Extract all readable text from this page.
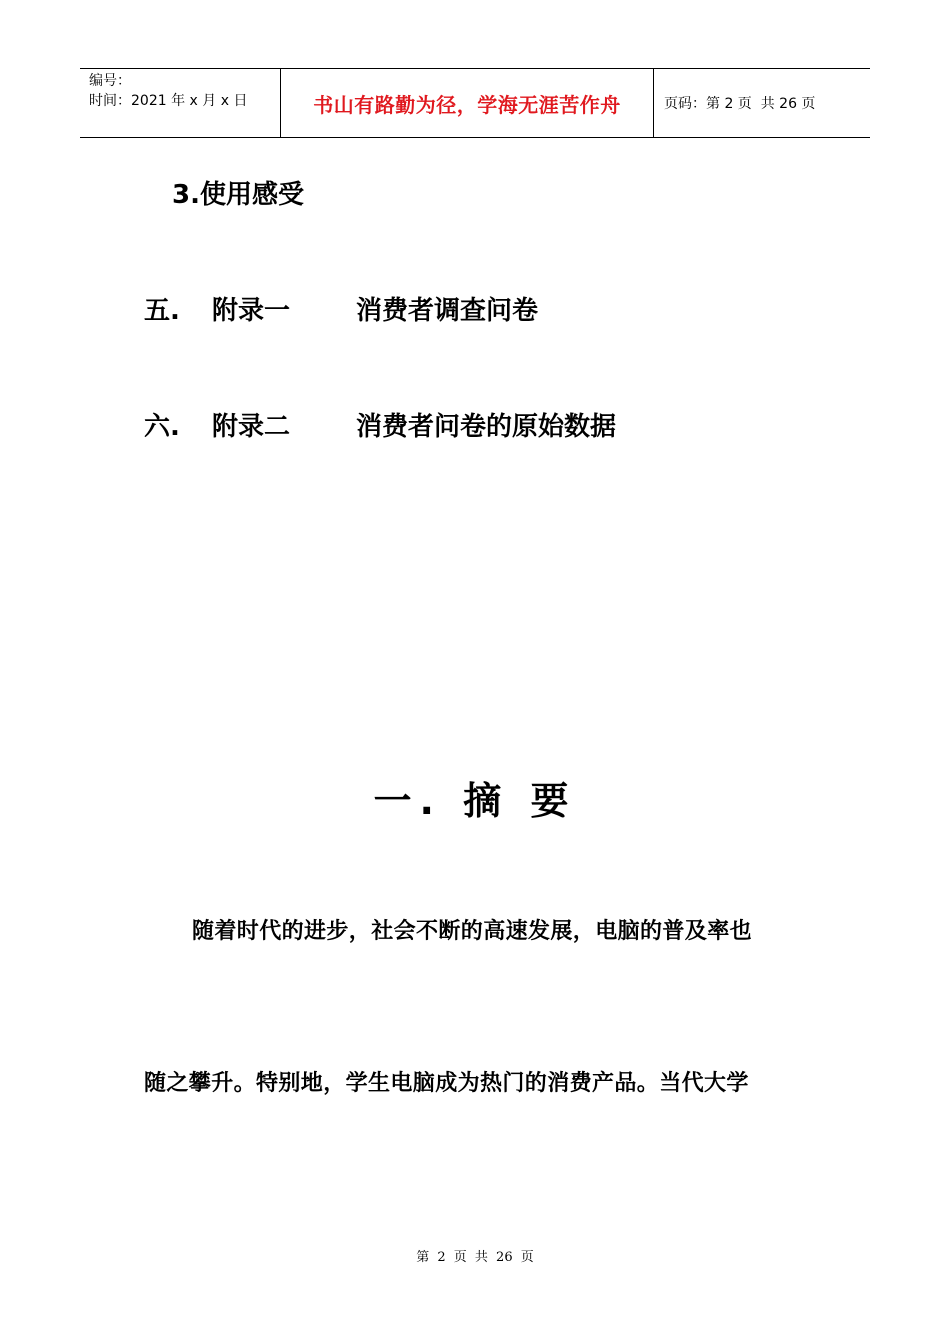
编号：
时间：2021 年 x 月 x 日	书山有路勤为径，学海无涯苦作舟	页码：第 2 页  共 26 页
3.使用感受
五. 附录一	消费者调查问卷
六. 附录二	消费者问卷的原始数据
一. 摘 要
随着时代的进步，社会不断的高速发展，电脑的普及率也
随之攀升。特别地，学生电脑成为热门的消费产品。当代大学
第 2 页 共 26 页
